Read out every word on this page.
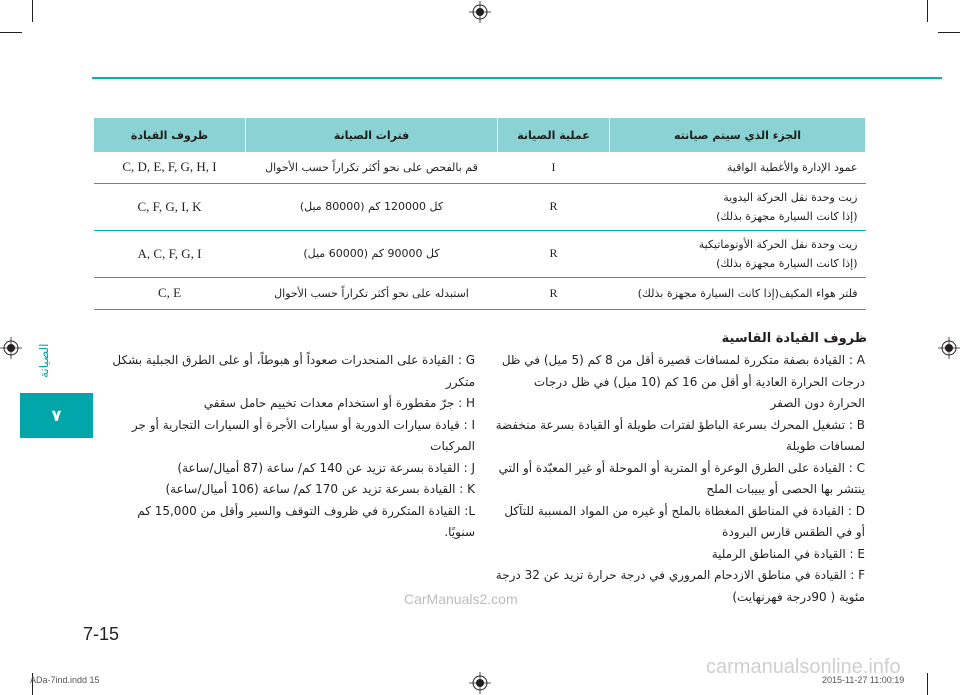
الصيانة
٧
الجزء الذي سيتم صيانته	عملية الصيانة	فترات الصيانة	ظروف القيادة

عمود الإدارة والأغطية الواقية	I	قم بالفحص على نحو أكثر تكراراً حسب الأحوال	C, D, E, F, G, H, I

زيت وحدة نقل الحركة اليدوية
(إذا كانت السيارة مجهزة بذلك)	R	كل 120000 كم (80000 ميل)	C, F, G, I, K

زيت وحدة نقل الحركة الأوتوماتيكية
(إذا كانت السيارة مجهزة بذلك)	R	كل 90000 كم (60000 ميل)	A, C, F, G, I

فلتر هواء المكيف(إذا كانت السيارة مجهزة بذلك)	R	استبدله على نحو أكثر تكراراً حسب الأحوال	C, E
ظروف القيادة القاسية

A : القيادة بصفة متكررة لمسافات قصيرة أقل من 8 كم (5 ميل) في ظل درجات الحرارة العادية أو أقل من 16 كم (10 ميل) في ظل درجات الحرارة دون الصفر

B : تشغيل المحرك بسرعة الباطؤ لفترات طويلة أو القيادة بسرعة منخفضة لمسافات طويلة

C : القيادة على الطرق الوعرة أو المتربة أو الموحلة أو غير المعبّدة أو التي ينتشر بها الحصى أو يبيبات الملح

D : القيادة في المناطق المغطاة بالملح أو غيره من المواد المسببة للتآكل أو في الطقس قارس البرودة

E : القيادة في المناطق الرملية

F : القيادة في مناطق الازدحام المروري في درجة حرارة تزيد عن 32 درجة مئوية ( 90درجة فهرنهايت)

G : القيادة على المنحدرات صعوداً أو هبوطاً، أو على الطرق الجبلية بشكل متكرر

H : جرّ مقطورة أو استخدام معدات تخييم حامل سقفي

I : قيادة سيارات الدورية أو سيارات الأجرة أو السيارات التجارية أو جر المركبات

J : القيادة بسرعة تزيد عن 140 كم/ ساعة (87 أميال/ساعة)

K : القيادة بسرعة تزيد عن 170 كم/ ساعة (106 أميال/ساعة)

L: القيادة المتكررة في ظروف التوقف والسير وأقل من 15,000 كم سنويًا.

CarManuals2.com
7-15
carmanualsonline.info
ADa-7ind.indd 15	2015-11-27 11:00:19
